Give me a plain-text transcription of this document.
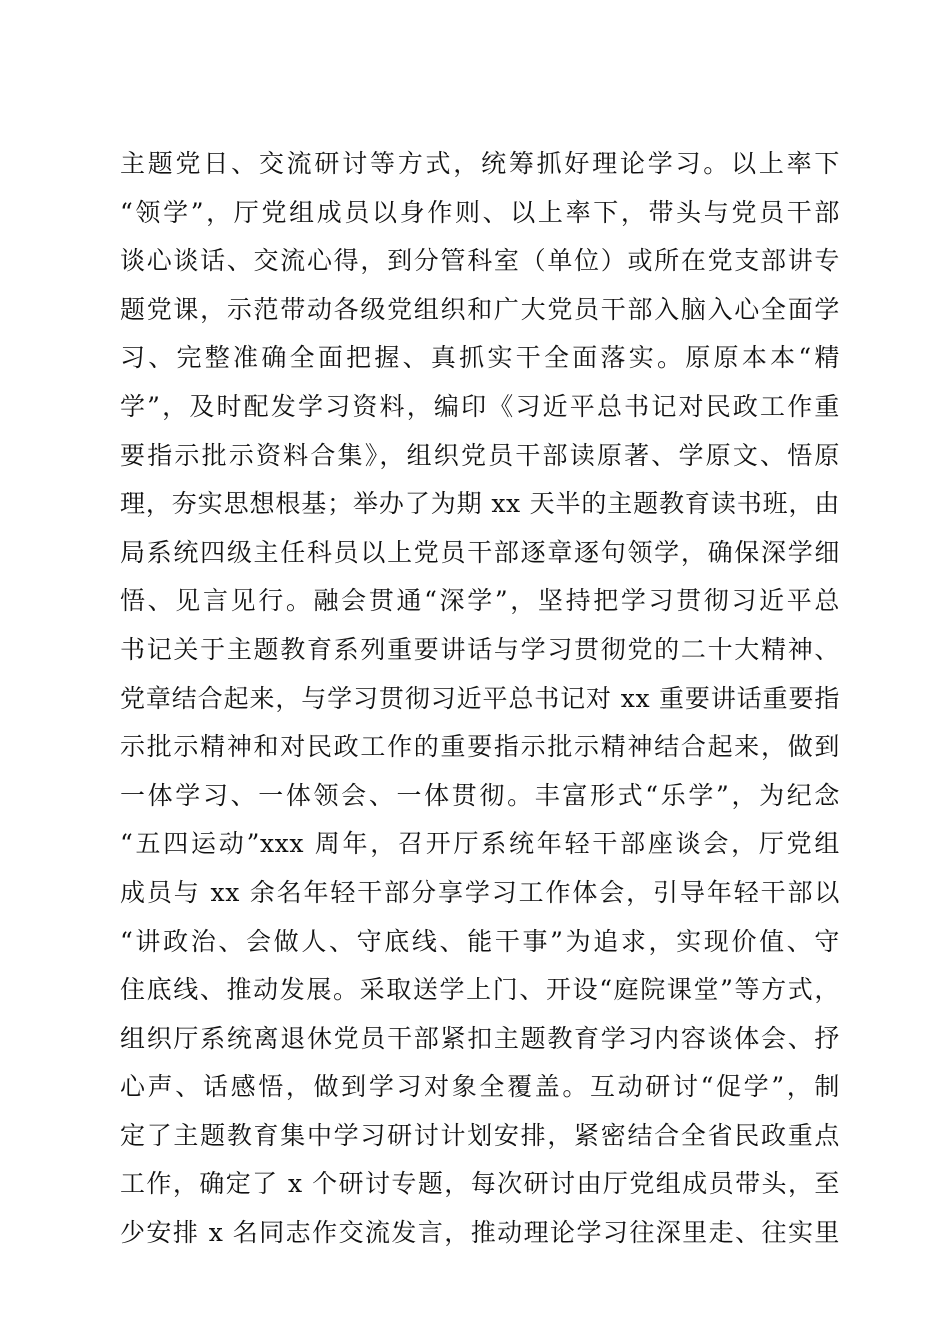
主题党日、交流研讨等方式，统筹抓好理论学习。以上率下
“领学”，厅党组成员以身作则、以上率下，带头与党员干部
谈心谈话、交流心得，到分管科室（单位）或所在党支部讲专
题党课，示范带动各级党组织和广大党员干部入脑入心全面学
习、完整准确全面把握、真抓实干全面落实。原原本本“精
学”，及时配发学习资料，编印《习近平总书记对民政工作重
要指示批示资料合集》，组织党员干部读原著、学原文、悟原
理，夯实思想根基；举办了为期 xx 天半的主题教育读书班，由
局系统四级主任科员以上党员干部逐章逐句领学，确保深学细
悟、见言见行。融会贯通“深学”，坚持把学习贯彻习近平总
书记关于主题教育系列重要讲话与学习贯彻党的二十大精神、
党章结合起来，与学习贯彻习近平总书记对 xx 重要讲话重要指
示批示精神和对民政工作的重要指示批示精神结合起来，做到
一体学习、一体领会、一体贯彻。丰富形式“乐学”，为纪念
“五四运动”xxx 周年，召开厅系统年轻干部座谈会，厅党组
成员与 xx 余名年轻干部分享学习工作体会，引导年轻干部以
“讲政治、会做人、守底线、能干事”为追求，实现价值、守
住底线、推动发展。采取送学上门、开设“庭院课堂”等方式，
组织厅系统离退休党员干部紧扣主题教育学习内容谈体会、抒
心声、话感悟，做到学习对象全覆盖。互动研讨“促学”，制
定了主题教育集中学习研讨计划安排，紧密结合全省民政重点
工作，确定了 x 个研讨专题，每次研讨由厅党组成员带头，至
少安排 x 名同志作交流发言，推动理论学习往深里走、往实里
